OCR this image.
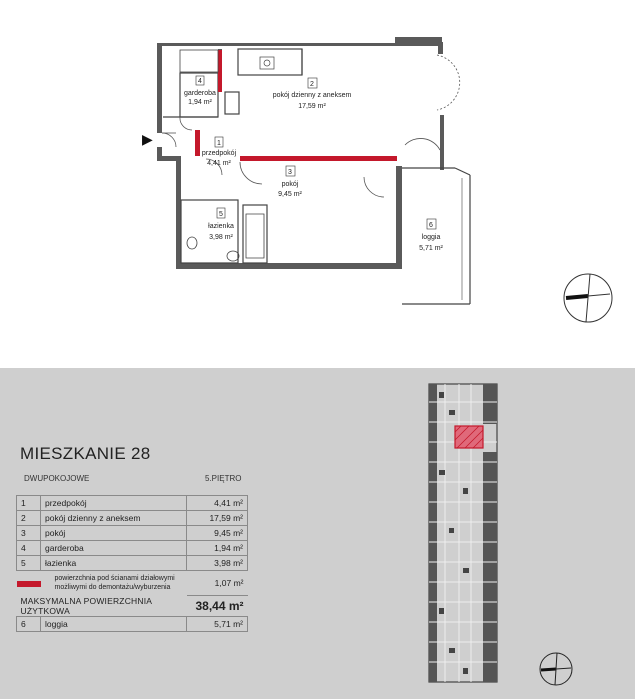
▶
4
garderoba
1,94 m²
2
pokój dzienny z aneksem
17,59 m²
1
przedpokój
4,41 m²
3
pokój
9,45 m²
5
łazienka
3,98 m²
6
loggia
5,71 m²
MIESZKANIE 28
DWUPOKOJOWE	5.PIĘTRO
1	przedpokój	4,41 m²
2	pokój dzienny z aneksem	17,59 m²
3	pokój	9,45 m²
4	garderoba	1,94 m²
5	łazienka	3,98 m²
	powierzchnia pod ścianami działowymi możliwymi do demontażu/wyburzenia	1,07 m²
MAKSYMALNA POWIERZCHNIA UŻYTKOWA		38,44 m²
6	loggia	5,71 m²
